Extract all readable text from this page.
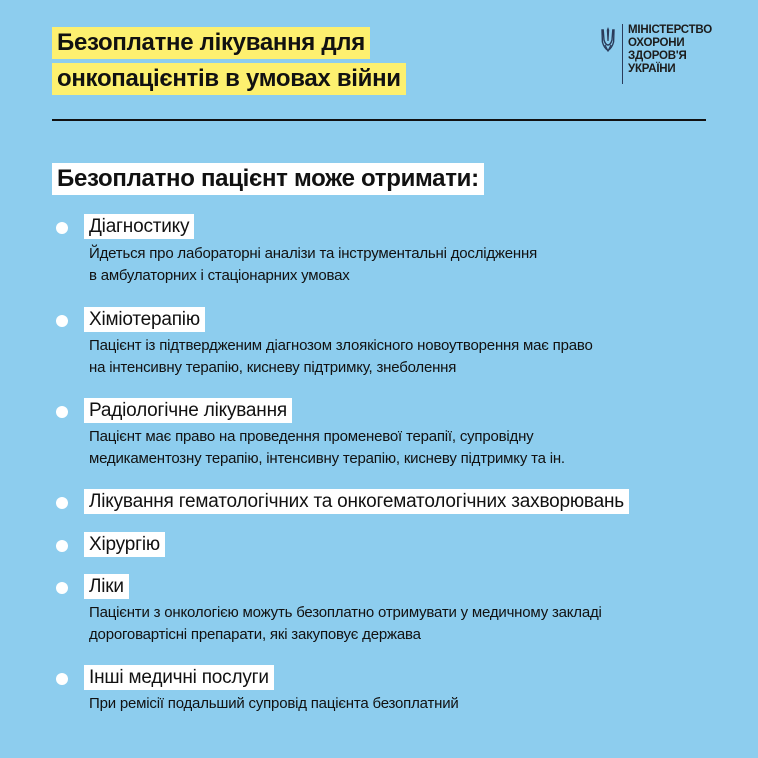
Безоплатне лікування для
онкопацієнтів в умовах війни
МІНІСТЕРСТВО
ОХОРОНИ
ЗДОРОВ'Я
УКРАЇНИ
Безоплатно пацієнт може отримати:
Діагностику
Йдеться про лабораторні аналізи та інструментальні дослідження
в амбулаторних і стаціонарних умовах
Хіміотерапію
Пацієнт із підтвердженим діагнозом злоякісного новоутворення має право
на інтенсивну терапію, кисневу підтримку, знеболення
Радіологічне лікування
Пацієнт має право на проведення променевої терапії, супровідну
медикаментозну терапію, інтенсивну терапію, кисневу підтримку та ін.
Лікування гематологічних та онкогематологічних захворювань
Хірургію
Ліки
Пацієнти з онкологією можуть безоплатно отримувати у медичному закладі
дороговартісні препарати, які закуповує держава
Інші медичні послуги
При ремісії подальший супровід пацієнта безоплатний
